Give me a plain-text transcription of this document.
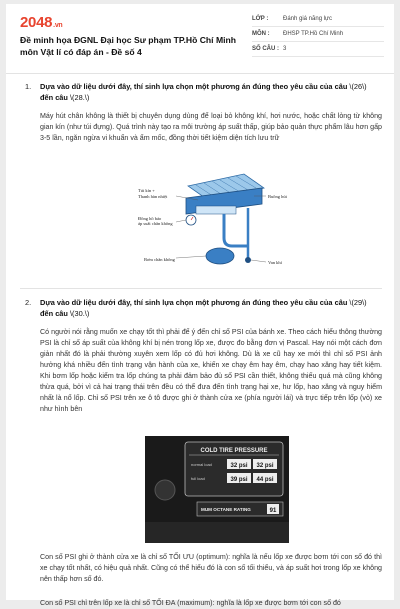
2048.vn
Đề minh họa ĐGNL Đại học Sư phạm TP.Hồ Chí Minh môn Vật lí có đáp án - Đề số 4
LỚP :	Đánh giá năng lực
MÔN :	ĐHSP TP.Hồ Chí Minh
SỐ CÂU : 3
1.	Dựa vào dữ liệu dưới đây, thí sinh lựa chọn một phương án đúng theo yêu cầu của câu \(26\)
đến câu \(28.\)
Máy hút chân không là thiết bị chuyên dụng dùng để loại bỏ không khí, hơi nước, hoặc chất lỏng từ không gian kín (như túi đựng). Quá trình này tạo ra môi trường áp suất thấp, giúp bảo quản thực phẩm lâu hơn gấp 3-5 lần, ngăn ngừa vi khuẩn và ẩm mốc, đồng thời tiết kiệm diện tích lưu trữ
Túi kín +
Thanh hàn nhiệt
Đồng hồ báo áp suất chân không
Bơm chân không
Buồng hút
Van khí
2.	Dựa vào dữ liệu dưới đây, thí sinh lựa chọn một phương án đúng theo yêu cầu của câu \(29\)
đến câu \(30.\)
Có người nói rằng muốn xe chạy tốt thì phải để ý đến chỉ số PSI của bánh xe. Theo cách hiểu thông thường PSI là chỉ số áp suất của không khí bị nén trong lốp xe, được đo bằng đơn vị Pascal. Hay nói một cách đơn giản nhất đó là phải thường xuyên xem lốp có đủ hơi không. Dù là xe cũ hay xe mới thì chỉ số PSI ảnh hưởng khá nhiều đến tình trạng vận hành của xe, khiến xe chạy êm hay êm, chạy hao xăng hay tiết kiệm. Khi bơm lốp hoặc kiểm tra lốp chúng ta phải đảm bảo đủ số PSI cần thiết, không thiếu quá mà cũng không thừa quá, bởi vì cả hai trạng thái trên đều có thể đưa đến tình trạng hại xe, hư lốp, hao xăng và nguy hiểm nhất là nổ lốp. Chỉ số PSI trên xe ô tô được ghi ở thành cửa xe (phía người lái) và trực tiếp trên lốp (vỏ) xe như hình bên
COLD TIRE PRESSURE
normal load	32 psi 32 psi
full load	39 psi 44 psi
MUM OCTANE RATING	91
Con số PSI ghi ở thành cửa xe là chỉ số TỐI ƯU (optimum): nghĩa là nếu lốp xe được bơm tới con số đó thì xe chạy tốt nhất, có hiệu quả nhất. Cũng có thể hiểu đó là con số tối thiểu, và áp suất hơi trong lốp xe không nên thấp hơn số đó.
Con số PSI chỉ trên lốp xe là chỉ số TỐI ĐA (maximum): nghĩa là lốp xe được bơm tới con số đó
